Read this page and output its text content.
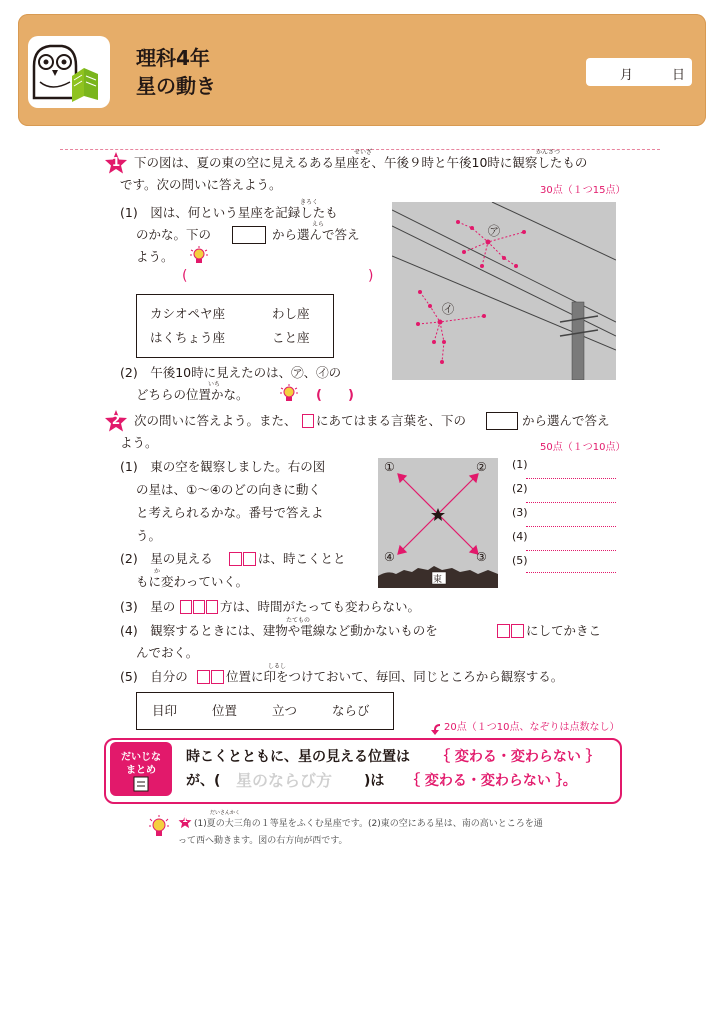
理科4年
星の動き	月	日
1
せいざ	かんさつ
下の図は、夏の東の空に見えるある星座を、午後９時と午後10時に観察したもの
です。次の問いに答えよう。	30点（１つ15点）
きろく
(1)　図は、何という星座を記録したも
のかな。下の
えら
から選んで答え
よう。
(	)
カシオペヤ座	わし座
はくちょう座	こと座
(2)　午後10時に見えたのは、㋐、㋑の
いち
どちらの位置かな。	(　　)
㋐
㋑
2	次の問いに答えよう。また、 にあてはまる言葉を、下の	から選んで答え
よう。	50点（１つ10点）
(1)　東の空を観察しました。右の図
の星は、①～④のどの向きに動く
と考えられるかな。番号で答えよ
う。
(2)　星の見える	は、時こくとと
か
もに変わっていく。
①	②
③
④
東
(1)
(2)
(3)
(4)
(5)
(3)　星の	方は、時間がたっても変わらない。
たてもの
(4)　観察するときには、建物や電線など動かないものを	にしてかきこ
んでおく。
しるし
(5)　自分の	位置に印をつけておいて、毎回、同じところから観察する。
目印	位置	立つ	ならび
20点（１つ10点、なぞりは点数なし）
だいじな
まとめ
時こくとともに、星の見える位置は ｛ 変わる・変わらない ｝
が、( 星のならび方 )は ｛ 変わる・変わらない ｝。
1
だいさんかく
(1)夏の大三角の１等星をふくむ星座です。(2)東の空にある星は、南の高いところを通
って西へ動きます。図の右方向が西です。
